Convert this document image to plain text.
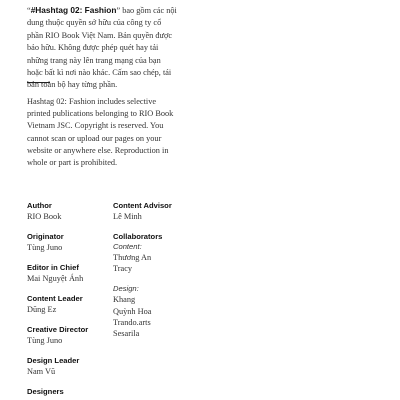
“#Hashtag 02: Fashion” bao gồm các nội dung thuộc quyền sở hữu của công ty cổ phần RIO Book Việt Nam. Bản quyền được bảo hữu. Không được phép quét hay tải những trang này lên trang mạng của bạn hoặc bất kì nơi nào khác. Cấm sao chép, tái bản toàn bộ hay từng phần.
Hashtag 02: Fashion includes selective printed publications belonging to RIO Book Vietnam JSC. Copyright is reserved. You cannot scan or upload our pages on your website or anywhere else. Reproduction in whole or part is prohibited.
Author
RIO Book
Originator
Tùng Juno
Editor in Chief
Mai Nguyệt Ánh
Content Leader
Dũng Ez
Creative Director
Tùng Juno
Design Leader
Nam Vũ
Designers
Content Advisor
Lê Minh
Collaborators
Content:
Thương An
Tracy
Design:
Khang
Quỳnh Hoa
Trando.arts
Sesarila
